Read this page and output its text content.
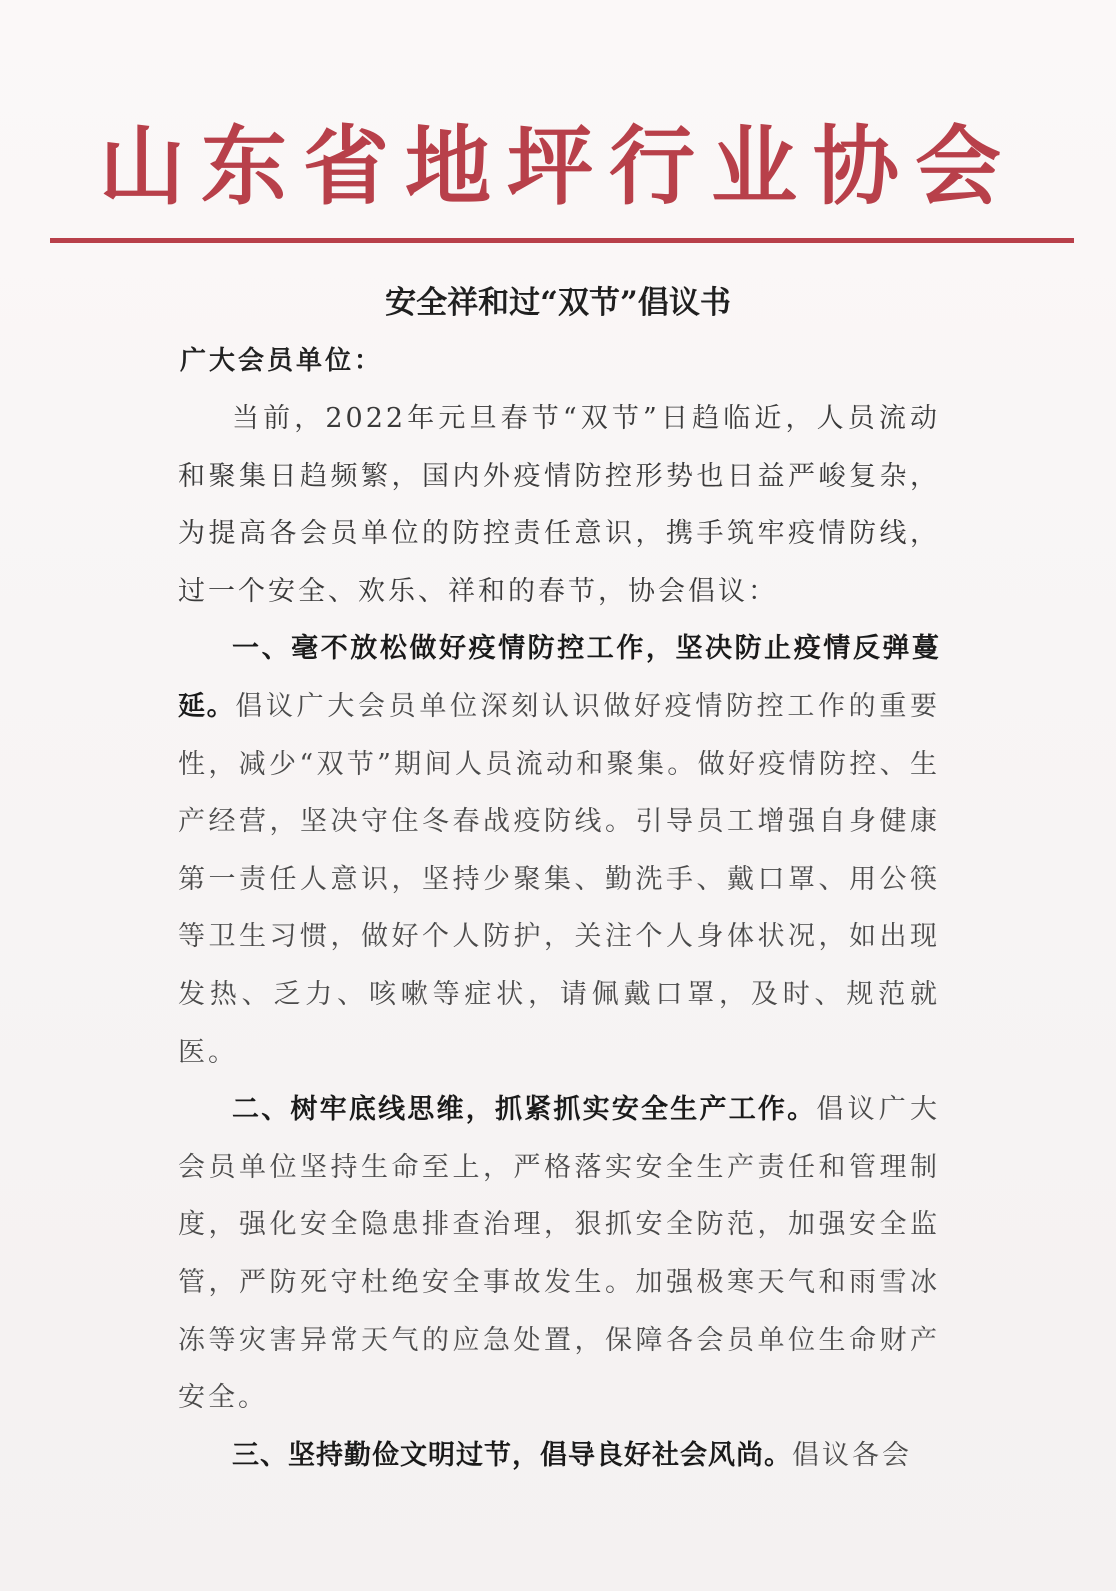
山东省地坪行业协会
安全祥和过“双节”倡议书
广大会员单位：

当前，2022年元旦春节“双节”日趋临近，人员流动和聚集日趋频繁，国内外疫情防控形势也日益严峻复杂，为提高各会员单位的防控责任意识，携手筑牢疫情防线，过一个安全、欢乐、祥和的春节，协会倡议：

一、毫不放松做好疫情防控工作，坚决防止疫情反弹蔓延。倡议广大会员单位深刻认识做好疫情防控工作的重要性，减少“双节”期间人员流动和聚集。做好疫情防控、生产经营，坚决守住冬春战疫防线。引导员工增强自身健康第一责任人意识，坚持少聚集、勤洗手、戴口罩、用公筷等卫生习惯，做好个人防护，关注个人身体状况，如出现发热、乏力、咳嗽等症状，请佩戴口罩，及时、规范就医。

二、树牢底线思维，抓紧抓实安全生产工作。倡议广大会员单位坚持生命至上，严格落实安全生产责任和管理制度，强化安全隐患排查治理，狠抓安全防范，加强安全监管，严防死守杜绝安全事故发生。加强极寒天气和雨雪冰冻等灾害异常天气的应急处置，保障各会员单位生命财产安全。

三、坚持勤俭文明过节，倡导良好社会风尚。倡议各会
